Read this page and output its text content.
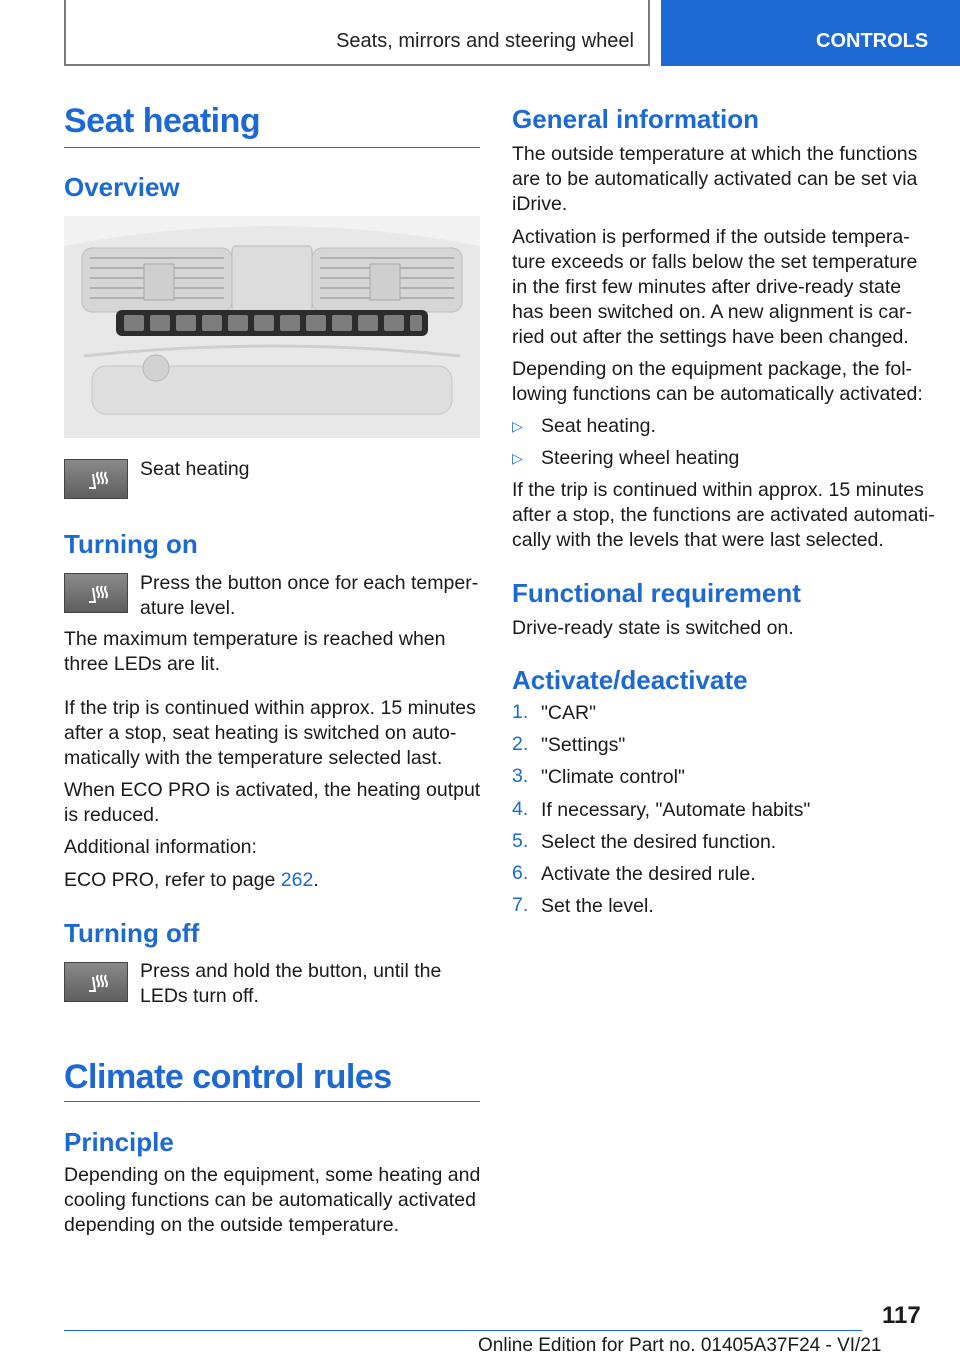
Seats, mirrors and steering wheel	CONTROLS
Seat heating
Overview
Seat heating
Turning on
Press the button once for each temper‐
ature level.
The maximum temperature is reached when
three LEDs are lit.
If the trip is continued within approx. 15 minutes
after a stop, seat heating is switched on auto‐
matically with the temperature selected last.
When ECO PRO is activated, the heating output
is reduced.
Additional information:
ECO PRO, refer to page 262.
Turning off
Press and hold the button, until the
LEDs turn off.
Climate control rules
Principle
Depending on the equipment, some heating and
cooling functions can be automatically activated
depending on the outside temperature.
General information
The outside temperature at which the functions
are to be automatically activated can be set via
iDrive.
Activation is performed if the outside tempera‐
ture exceeds or falls below the set temperature
in the first few minutes after drive-ready state
has been switched on. A new alignment is car‐
ried out after the settings have been changed.
Depending on the equipment package, the fol‐
lowing functions can be automatically activated:
▷ Seat heating.
▷ Steering wheel heating
If the trip is continued within approx. 15 minutes
after a stop, the functions are activated automati‐
cally with the levels that were last selected.
Functional requirement
Drive-ready state is switched on.
Activate/deactivate
1. "CAR"
2. "Settings"
3. "Climate control"
4. If necessary, "Automate habits"
5. Select the desired function.
6. Activate the desired rule.
7. Set the level.
117
Online Edition for Part no. 01405A37F24 - VI/21
